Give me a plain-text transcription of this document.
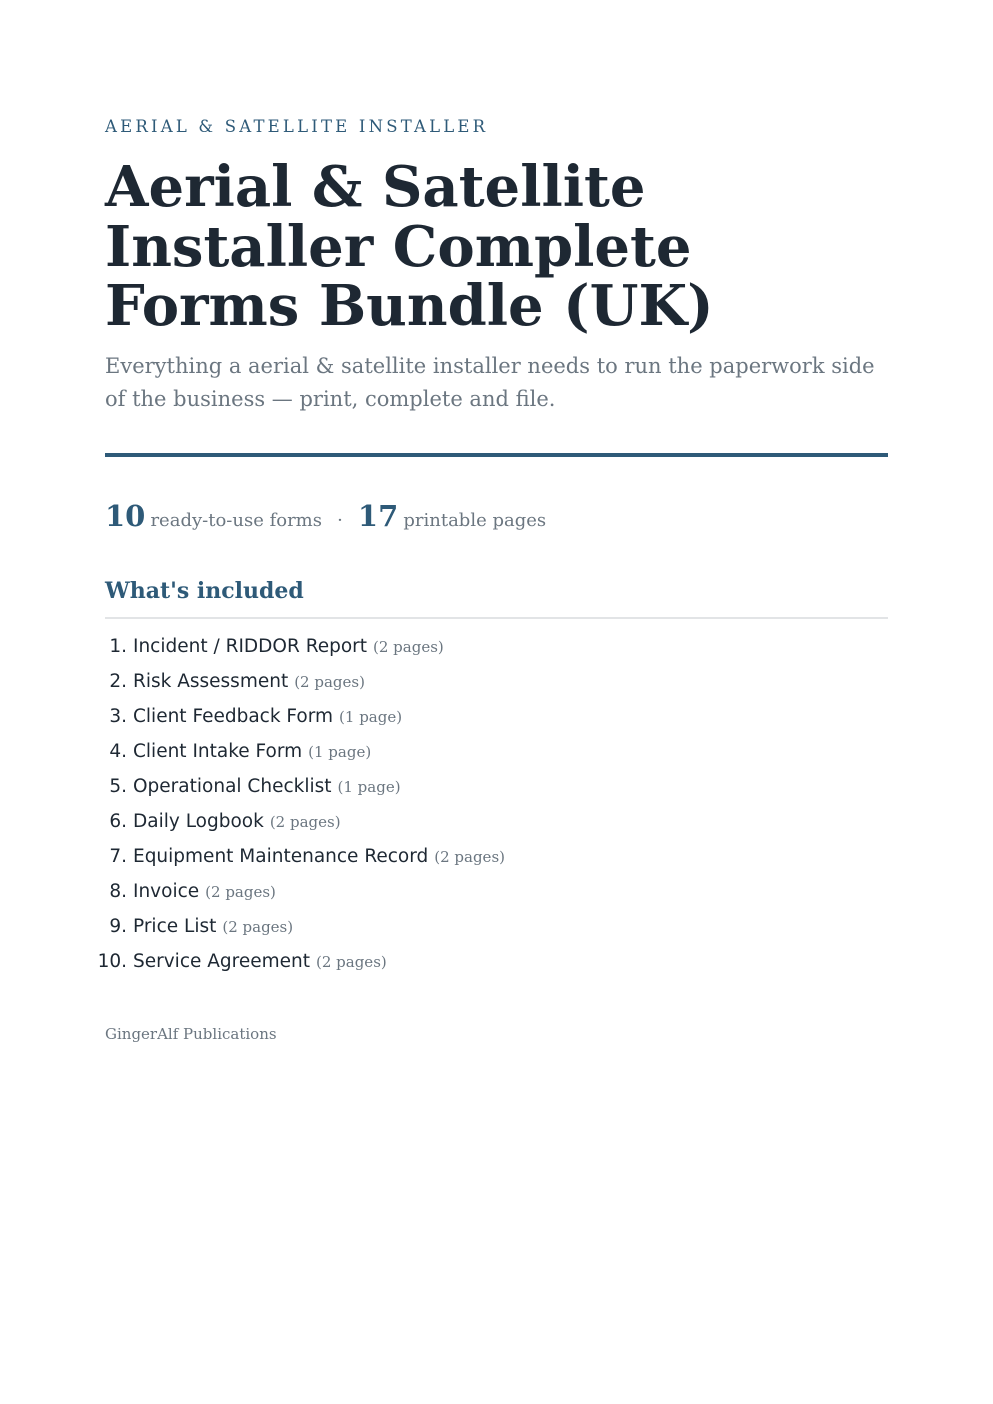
AERIAL & SATELLITE INSTALLER
Aerial & Satellite Installer Complete Forms Bundle (UK)

Everything a aerial & satellite installer needs to run the paperwork side of the business — print, complete and file.

10 ready-to-use forms · 17 printable pages
What's included
1. Incident / RIDDOR Report (2 pages)
2. Risk Assessment (2 pages)
3. Client Feedback Form (1 page)
4. Client Intake Form (1 page)
5. Operational Checklist (1 page)
6. Daily Logbook (2 pages)
7. Equipment Maintenance Record (2 pages)
8. Invoice (2 pages)
9. Price List (2 pages)
10. Service Agreement (2 pages)
GingerAlf Publications
